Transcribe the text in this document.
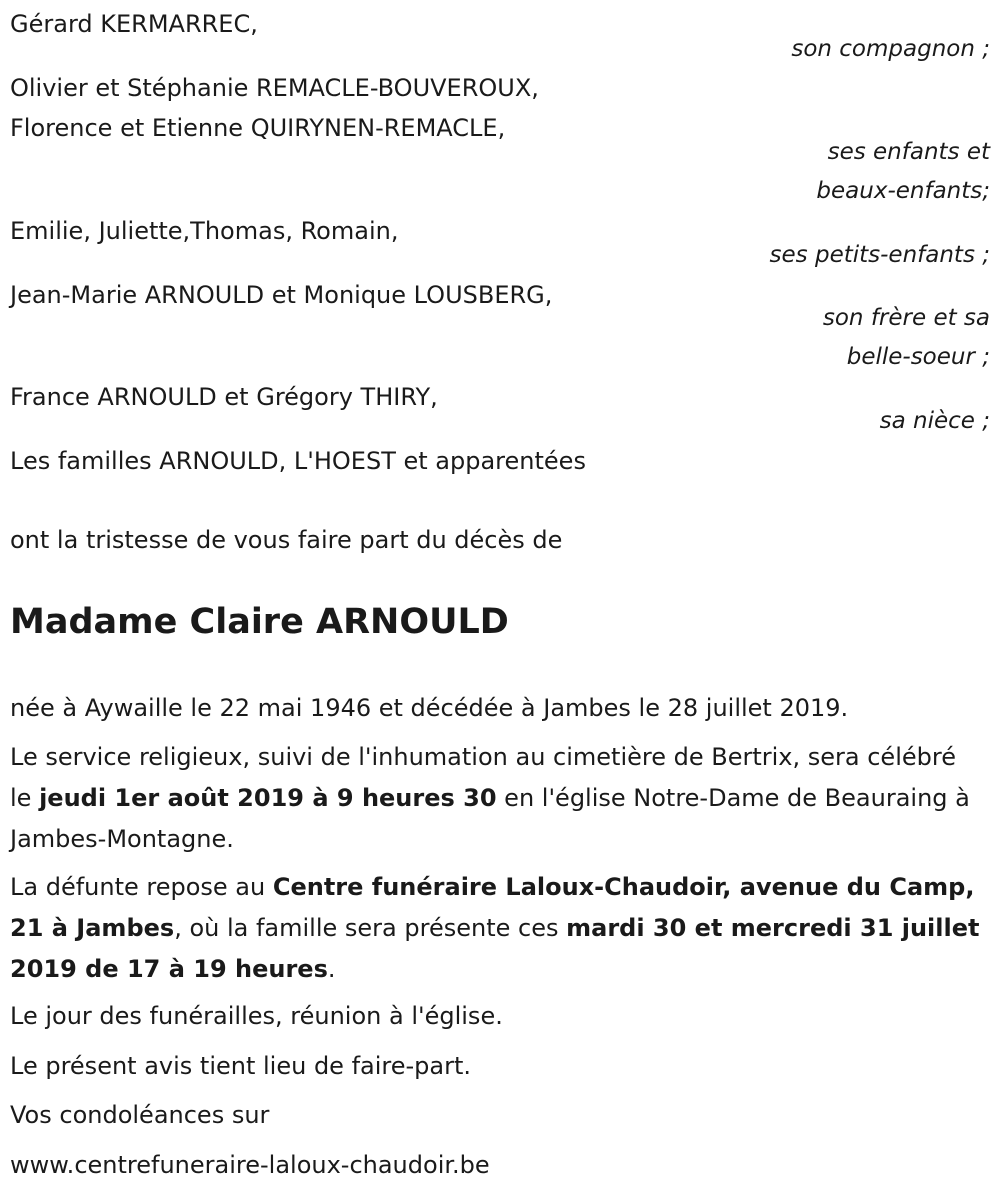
Gérard KERMARREC,
son compagnon ;
Olivier et Stéphanie REMACLE-BOUVEROUX,
Florence et Etienne QUIRYNEN-REMACLE,
ses enfants et
beaux-enfants;
Emilie, Juliette,Thomas, Romain,
ses petits-enfants ;
Jean-Marie ARNOULD et Monique LOUSBERG,
son frère et sa
belle-soeur ;
France ARNOULD et Grégory THIRY,
sa nièce ;
Les familles ARNOULD, L'HOEST et apparentées
ont la tristesse de vous faire part du décès de
Madame Claire ARNOULD
née à Aywaille le 22 mai 1946 et décédée à Jambes le 28 juillet 2019.
Le service religieux, suivi de l'inhumation au cimetière de Bertrix, sera célébré le jeudi 1er août 2019 à 9 heures 30 en l'église Notre-Dame de Beauraing à Jambes-Montagne.
La défunte repose au Centre funéraire Laloux-Chaudoir, avenue du Camp, 21 à Jambes, où la famille sera présente ces mardi 30 et mercredi 31 juillet 2019 de 17 à 19 heures.
Le jour des funérailles, réunion à l'église.
Le présent avis tient lieu de faire-part.
Vos condoléances sur
www.centrefuneraire-laloux-chaudoir.be
